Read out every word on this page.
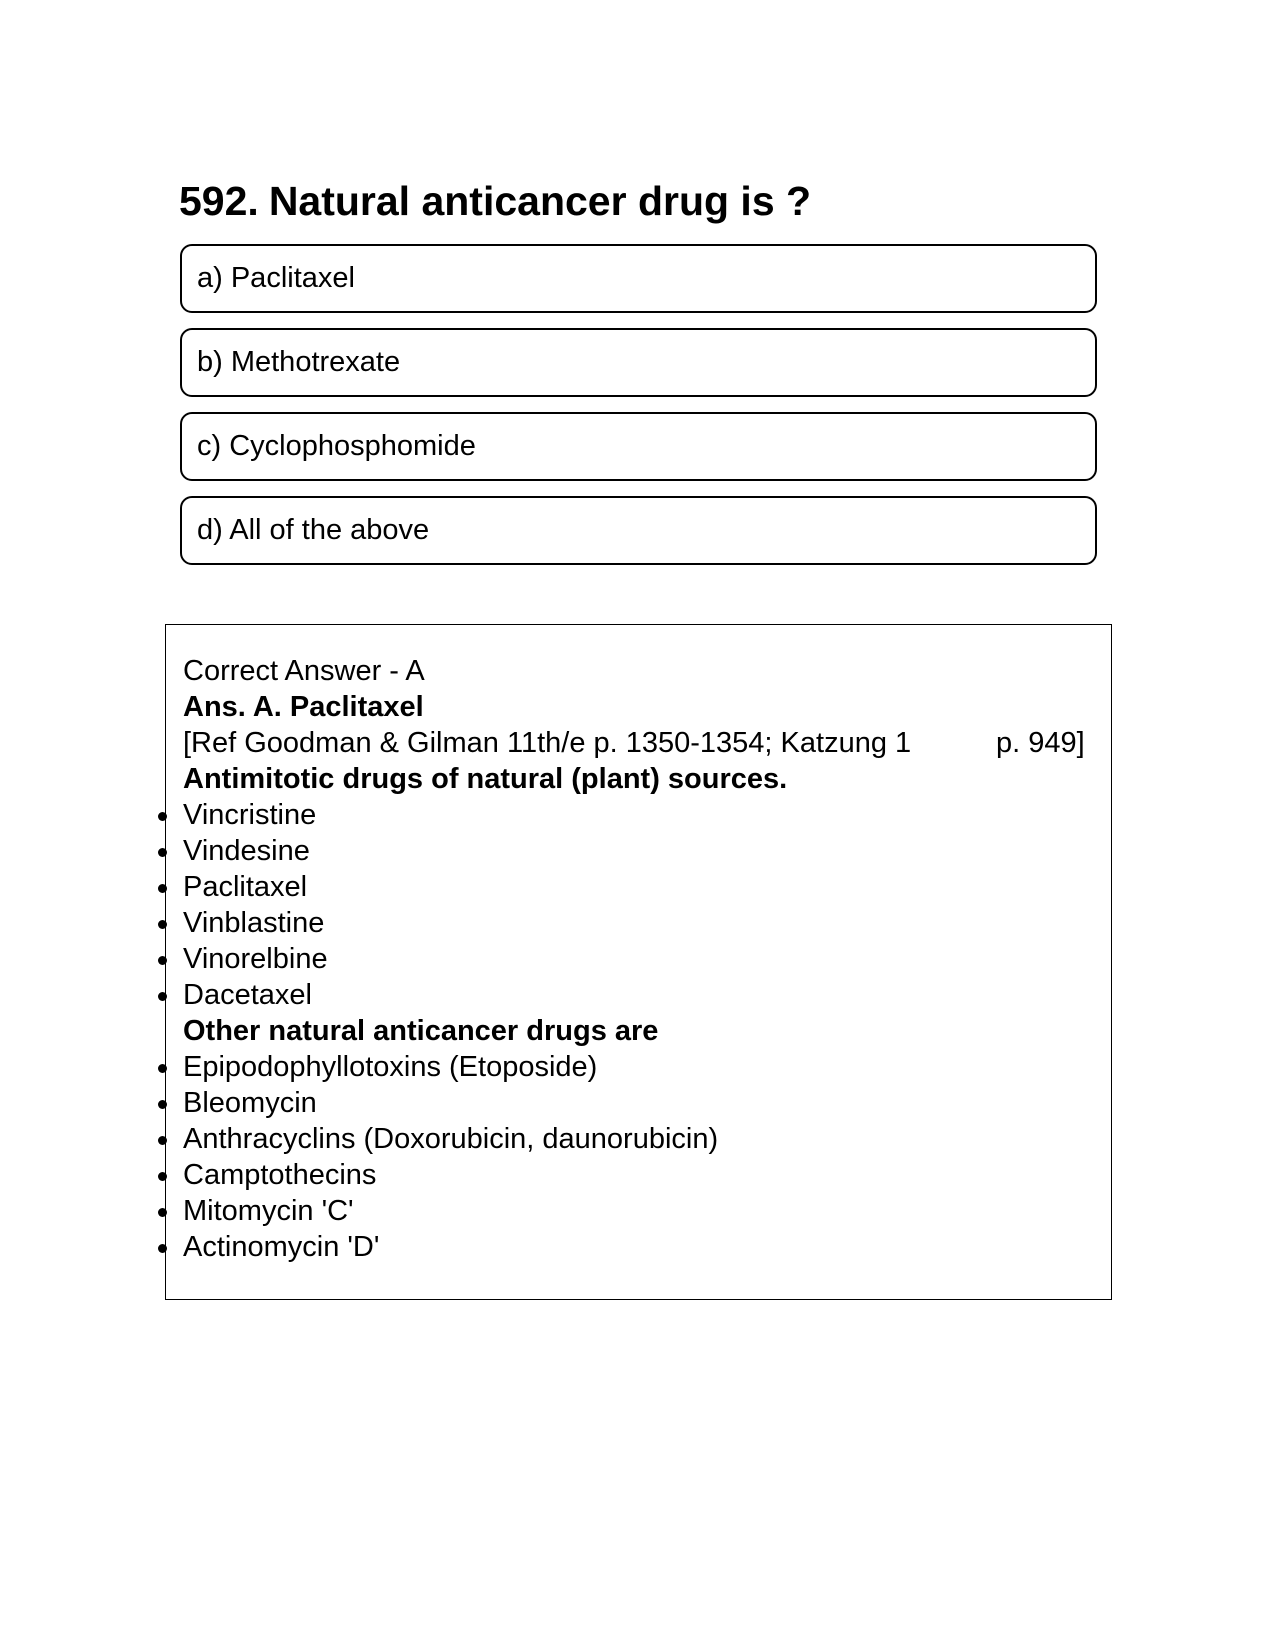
592. Natural anticancer drug is ?
a) Paclitaxel
b) Methotrexate
c) Cyclophosphomide
d) All of the above
Correct Answer - A
Ans. A. Paclitaxel
[Ref Goodman & Gilman 11th/e p. 1350-1354; Katzung 1	p. 949]
Antimitotic drugs of natural (plant) sources.
Vincristine
Vindesine
Paclitaxel
Vinblastine
Vinorelbine
Dacetaxel
Other natural anticancer drugs are
Epipodophyllotoxins (Etoposide)
Bleomycin
Anthracyclins (Doxorubicin, daunorubicin)
Camptothecins
Mitomycin 'C'
Actinomycin 'D'
